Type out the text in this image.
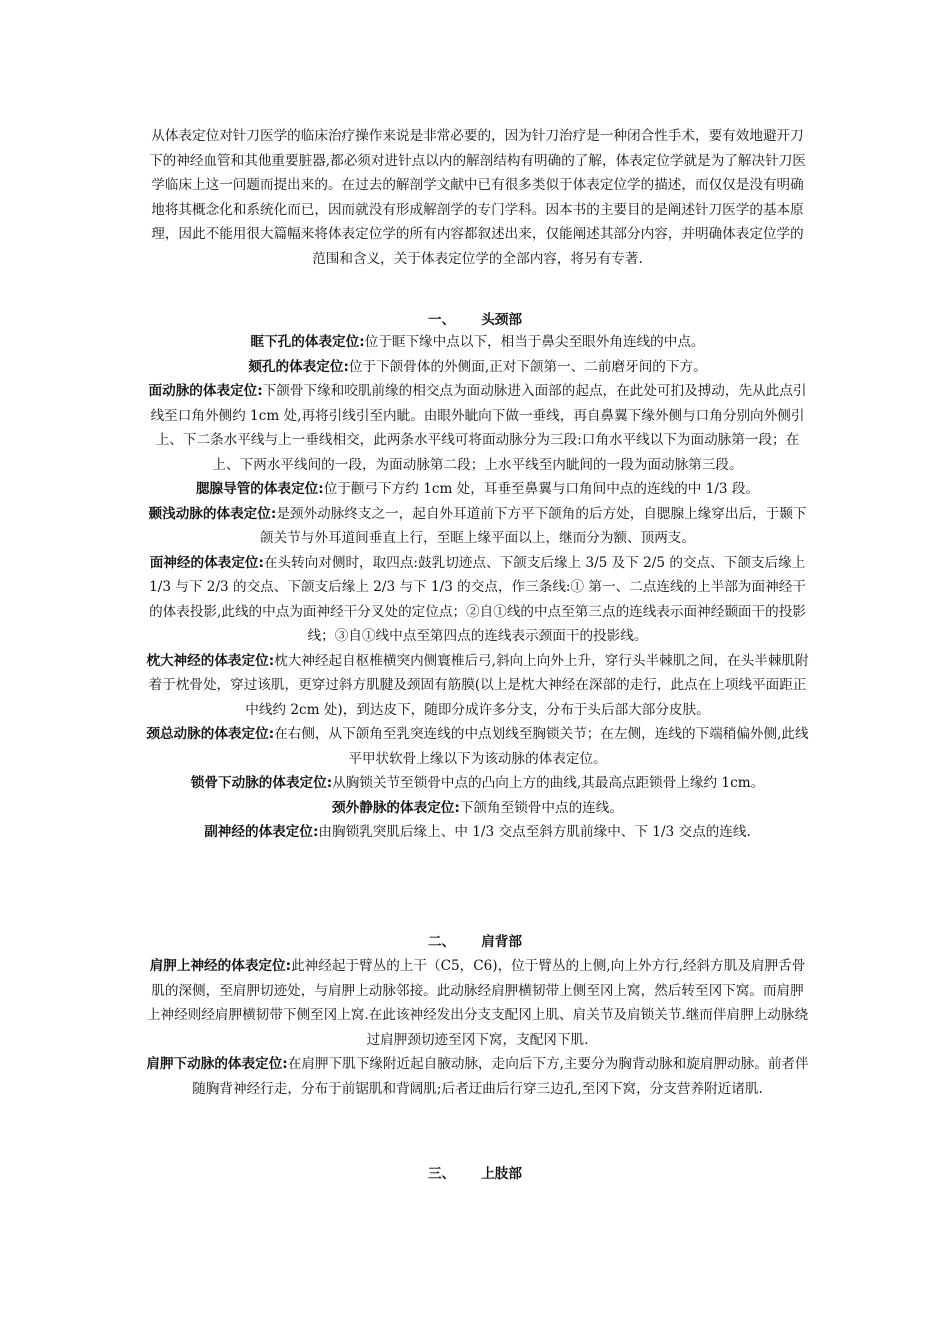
从体表定位对针刀医学的临床治疗操作来说是非常必要的，因为针刀治疗是一种闭合性手术，要有效地避开刀下的神经血管和其他重要脏器,都必须对进针点以内的解剖结构有明确的了解，体表定位学就是为了解决针刀医学临床上这一问题而提出来的。在过去的解剖学文献中已有很多类似于体表定位学的描述，而仅仅是没有明确地将其概念化和系统化而已，因而就没有形成解剖学的专门学科。因本书的主要目的是阐述针刀医学的基本原理，因此不能用很大篇幅来将体表定位学的所有内容都叙述出来，仅能阐述其部分内容，并明确体表定位学的范围和含义，关于体表定位学的全部内容，将另有专著.

一、 头颈部

眶下孔的体表定位:位于眶下缘中点以下，相当于鼻尖至眼外角连线的中点。

颏孔的体表定位:位于下颌骨体的外侧面,正对下颌第一、二前磨牙间的下方。

面动脉的体表定位:下颌骨下缘和咬肌前缘的相交点为面动脉进入面部的起点，在此处可扪及搏动，先从此点引线至口角外侧约 1cm 处,再将引线引至内眦。由眼外眦向下做一垂线，再自鼻翼下缘外侧与口角分别向外侧引上、下二条水平线与上一垂线相交，此两条水平线可将面动脉分为三段:口角水平线以下为面动脉第一段；在上、下两水平线间的一段，为面动脉第二段；上水平线至内眦间的一段为面动脉第三段。

腮腺导管的体表定位:位于颧弓下方约 1cm 处，耳垂至鼻翼与口角间中点的连线的中 1/3 段。

颞浅动脉的体表定位:是颈外动脉终支之一，起自外耳道前下方平下颌角的后方处，自腮腺上缘穿出后，于颞下颌关节与外耳道间垂直上行，至眶上缘平面以上，继而分为额、顶两支。

面神经的体表定位:在头转向对侧时，取四点:鼓乳切迹点、下颌支后缘上 3/5 及下 2/5 的交点、下颌支后缘上 1/3 与下 2/3 的交点、下颌支后缘上 2/3 与下 1/3 的交点，作三条线:① 第一、二点连线的上半部为面神经干的体表投影,此线的中点为面神经干分叉处的定位点；②自①线的中点至第三点的连线表示面神经颞面干的投影线；③自①线中点至第四点的连线表示颈面干的投影线。

枕大神经的体表定位:枕大神经起自枢椎横突内侧寰椎后弓,斜向上向外上升，穿行头半棘肌之间，在头半棘肌附着于枕骨处，穿过该肌，更穿过斜方肌腱及颈固有筋膜(以上是枕大神经在深部的走行，此点在上项线平面距正中线约 2cm 处)，到达皮下，随即分成许多分支，分布于头后部大部分皮肤。

颈总动脉的体表定位:在右侧，从下颌角至乳突连线的中点划线至胸锁关节；在左侧，连线的下端稍偏外侧,此线平甲状软骨上缘以下为该动脉的体表定位。

锁骨下动脉的体表定位:从胸锁关节至锁骨中点的凸向上方的曲线,其最高点距锁骨上缘约 1cm。

颈外静脉的体表定位:下颌角至锁骨中点的连线。

副神经的体表定位:由胸锁乳突肌后缘上、中 1/3 交点至斜方肌前缘中、下 1/3 交点的连线.

二、 肩背部

肩胛上神经的体表定位:此神经起于臂丛的上干（C5，C6)，位于臂丛的上侧,向上外方行,经斜方肌及肩胛舌骨肌的深侧，至肩胛切迹处，与肩胛上动脉邻接。此动脉经肩胛横韧带上侧至冈上窝，然后转至冈下窝。而肩胛上神经则经肩胛横韧带下侧至冈上窝.在此该神经发出分支支配冈上肌、肩关节及肩锁关节.继而伴肩胛上动脉绕过肩胛颈切迹至冈下窝，支配冈下肌.

肩胛下动脉的体表定位:在肩胛下肌下缘附近起自腋动脉，走向后下方,主要分为胸背动脉和旋肩胛动脉。前者伴随胸背神经行走，分布于前锯肌和背阔肌;后者迂曲后行穿三边孔,至冈下窝，分支营养附近诸肌.

三、 上肢部
